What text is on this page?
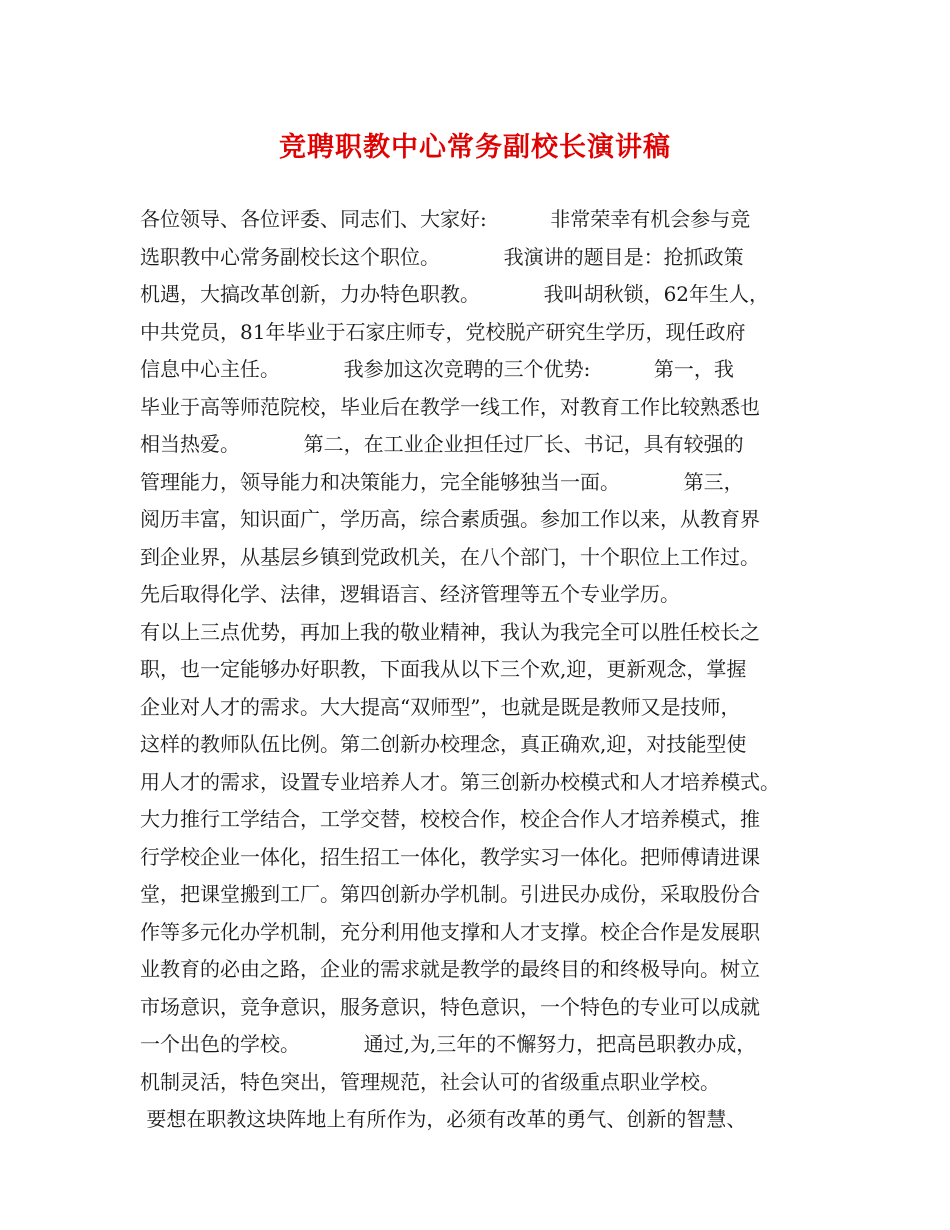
竞聘职教中心常务副校长演讲稿
各位领导、各位评委、同志们、大家好:          非常荣幸有机会参与竞
选职教中心常务副校长这个职位。          我演讲的题目是：抢抓政策
机遇，大搞改革创新，力办特色职教。          我叫胡秋锁，62年生人，
中共党员，81年毕业于石家庄师专，党校脱产研究生学历，现任政府
信息中心主任。          我参加这次竞聘的三个优势:          第一，我
毕业于高等师范院校，毕业后在教学一线工作，对教育工作比较熟悉也
相当热爱。          第二，在工业企业担任过厂长、书记，具有较强的
管理能力，领导能力和决策能力，完全能够独当一面。          第三，
阅历丰富，知识面广，学历高，综合素质强。参加工作以来，从教育界
到企业界，从基层乡镇到党政机关，在八个部门，十个职位上工作过。
先后取得化学、法律，逻辑语言、经济管理等五个专业学历。
有以上三点优势，再加上我的敬业精神，我认为我完全可以胜任校长之
职，也一定能够办好职教，下面我从以下三个欢,迎，更新观念，掌握
企业对人才的需求。大大提高“双师型”，也就是既是教师又是技师，
这样的教师队伍比例。第二创新办校理念，真正确欢,迎，对技能型使
用人才的需求，设置专业培养人才。第三创新办校模式和人才培养模式。
大力推行工学结合，工学交替，校校合作，校企合作人才培养模式，推
行学校企业一体化，招生招工一体化，教学实习一体化。把师傅请进课
堂，把课堂搬到工厂。第四创新办学机制。引进民办成份，采取股份合
作等多元化办学机制，充分利用他支撑和人才支撑。校企合作是发展职
业教育的必由之路，企业的需求就是教学的最终目的和终极导向。树立
市场意识，竞争意识，服务意识，特色意识，一个特色的专业可以成就
一个出色的学校。          通过,为,三年的不懈努力，把高邑职教办成，
机制灵活，特色突出，管理规范，社会认可的省级重点职业学校。
要想在职教这块阵地上有所作为，必须有改革的勇气、创新的智慧、
